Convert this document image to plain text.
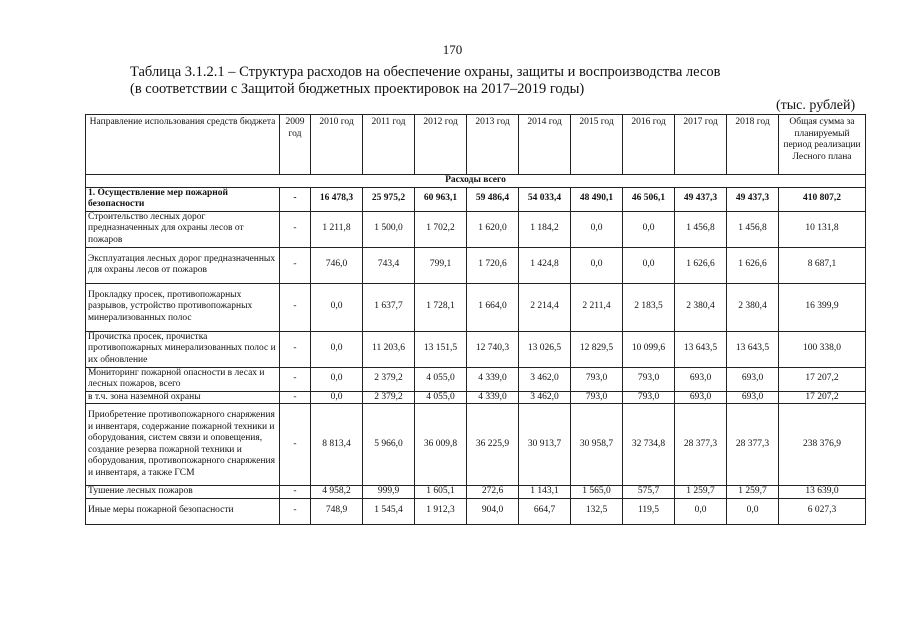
170
Таблица 3.1.2.1 – Структура расходов на обеспечение охраны, защиты и воспроизводства лесов
(в соответствии с Защитой бюджетных проектировок на 2017–2019 годы)
(тыс. рублей)
Направление использования средств бюджета	2009 год	2010 год	2011 год	2012 год	2013 год	2014 год	2015 год	2016 год	2017 год	2018 год	Общая сумма за планируемый период реализации Лесного плана
Расходы всего											
1. Осуществление мер пожарной безопасности	-	16 478,3	25 975,2	60 963,1	59 486,4	54 033,4	48 490,1	46 506,1	49 437,3	49 437,3	410 807,2
Строительство лесных дорог предназначенных для охраны лесов от пожаров	-	1 211,8	1 500,0	1 702,2	1 620,0	1 184,2	0,0	0,0	1 456,8	1 456,8	10 131,8
Эксплуатация лесных дорог предназначенных для охраны лесов от пожаров	-	746,0	743,4	799,1	1 720,6	1 424,8	0,0	0,0	1 626,6	1 626,6	8 687,1
Прокладку просек, противопожарных разрывов, устройство противопожарных минерализованных полос	-	0,0	1 637,7	1 728,1	1 664,0	2 214,4	2 211,4	2 183,5	2 380,4	2 380,4	16 399,9
Прочистка просек, прочистка противопожарных минерализованных полос и их обновление	-	0,0	11 203,6	13 151,5	12 740,3	13 026,5	12 829,5	10 099,6	13 643,5	13 643,5	100 338,0
Мониторинг пожарной опасности в лесах и лесных пожаров, всего	-	0,0	2 379,2	4 055,0	4 339,0	3 462,0	793,0	793,0	693,0	693,0	17 207,2
в т.ч. зона наземной охраны	-	0,0	2 379,2	4 055,0	4 339,0	3 462,0	793,0	793,0	693,0	693,0	17 207,2
Приобретение противопожарного снаряжения и инвентаря, содержание пожарной техники и оборудования, систем связи и оповещения, создание резерва пожарной техники и оборудования, противопожарного снаряжения и инвентаря, а также ГСМ	-	8 813,4	5 966,0	36 009,8	36 225,9	30 913,7	30 958,7	32 734,8	28 377,3	28 377,3	238 376,9
Тушение лесных пожаров	-	4 958,2	999,9	1 605,1	272,6	1 143,1	1 565,0	575,7	1 259,7	1 259,7	13 639,0
Иные меры пожарной безопасности	-	748,9	1 545,4	1 912,3	904,0	664,7	132,5	119,5	0,0	0,0	6 027,3
